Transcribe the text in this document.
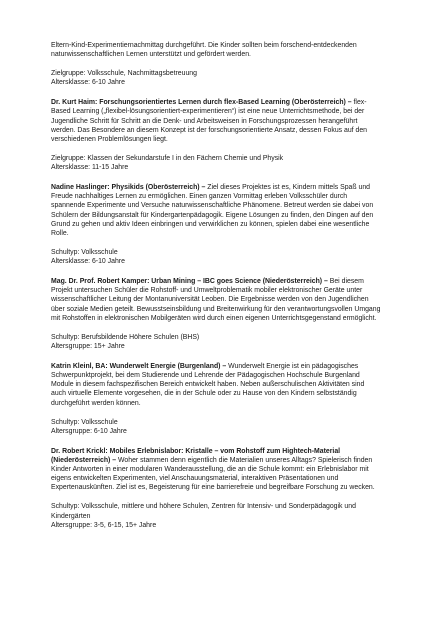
Eltern-Kind-Experimentiernachmittag durchgeführt. Die Kinder sollten beim forschend-entdeckenden naturwissenschaftlichen Lernen unterstützt und gefördert werden.

Zielgruppe: Volksschule, Nachmittagsbetreuung

Altersklasse: 6-10 Jahre

Dr. Kurt Haim: Forschungsorientiertes Lernen durch flex-Based Learning (Oberösterreich) – flex-Based Learning („flexibel-lösungsorientiert-experimentieren“) ist eine neue Unterrichtsmethode, bei der Jugendliche Schritt für Schritt an die Denk- und Arbeitsweisen in Forschungsprozessen herangeführt werden. Das Besondere an diesem Konzept ist der forschungsorientierte Ansatz, dessen Fokus auf den verschiedenen Problemlösungen liegt.

Zielgruppe: Klassen der Sekundarstufe I in den Fächern Chemie und Physik

Altersklasse: 11-15 Jahre

Nadine Haslinger: Physikids (Oberösterreich) – Ziel dieses Projektes ist es, Kindern mittels Spaß und Freude nachhaltiges Lernen zu ermöglichen. Einen ganzen Vormittag erleben Volksschüler durch spannende Experimente und Versuche naturwissenschaftliche Phänomene. Betreut werden sie dabei von Schülern der Bildungsanstalt für Kindergartenpädagogik. Eigene Lösungen zu finden, den Dingen auf den Grund zu gehen und aktiv Ideen einbringen und verwirklichen zu können, spielen dabei eine wesentliche Rolle.

Schultyp: Volksschule

Altersklasse: 6-10 Jahre

Mag. Dr. Prof. Robert Kamper: Urban Mining – IBC goes Science (Niederösterreich) – Bei diesem Projekt untersuchen Schüler die Rohstoff- und Umweltproblematik mobiler elektronischer Geräte unter wissenschaftlicher Leitung der Montanuniversität Leoben. Die Ergebnisse werden von den Jugendlichen über soziale Medien geteilt. Bewusstseinsbildung und Breitenwirkung für den verantwortungsvollen Umgang mit Rohstoffen in elektronischen Mobilgeräten wird durch einen eigenen Unterrichtsgegenstand ermöglicht.

Schultyp: Berufsbildende Höhere Schulen (BHS)

Altersgruppe: 15+ Jahre

Katrin Kleinl, BA: Wunderwelt Energie (Burgenland) – Wunderwelt Energie ist ein pädagogisches Schwerpunktprojekt, bei dem Studierende und Lehrende der Pädagogischen Hochschule Burgenland Module in diesem fachspezifischen Bereich entwickelt haben. Neben außerschulischen Aktivitäten sind auch virtuelle Elemente vorgesehen, die in der Schule oder zu Hause von den Kindern selbstständig durchgeführt werden können.

Schultyp: Volksschule

Altersgruppe: 6-10 Jahre

Dr. Robert Krickl: Mobiles Erlebnislabor: Kristalle – vom Rohstoff zum Hightech-Material (Niederösterreich) – Woher stammen denn eigentlich die Materialien unseres Alltags? Spielerisch finden Kinder Antworten in einer modularen Wanderausstellung, die an die Schule kommt: ein Erlebnislabor mit eigens entwickelten Experimenten, viel Anschauungsmaterial, interaktiven Präsentationen und Expertenauskünften. Ziel ist es, Begeisterung für eine barrierefreie und begreifbare Forschung zu wecken.

Schultyp: Volksschule, mittlere und höhere Schulen, Zentren für Intensiv- und Sonderpädagogik und Kindergärten

Altersgruppe: 3-5, 6-15, 15+ Jahre
